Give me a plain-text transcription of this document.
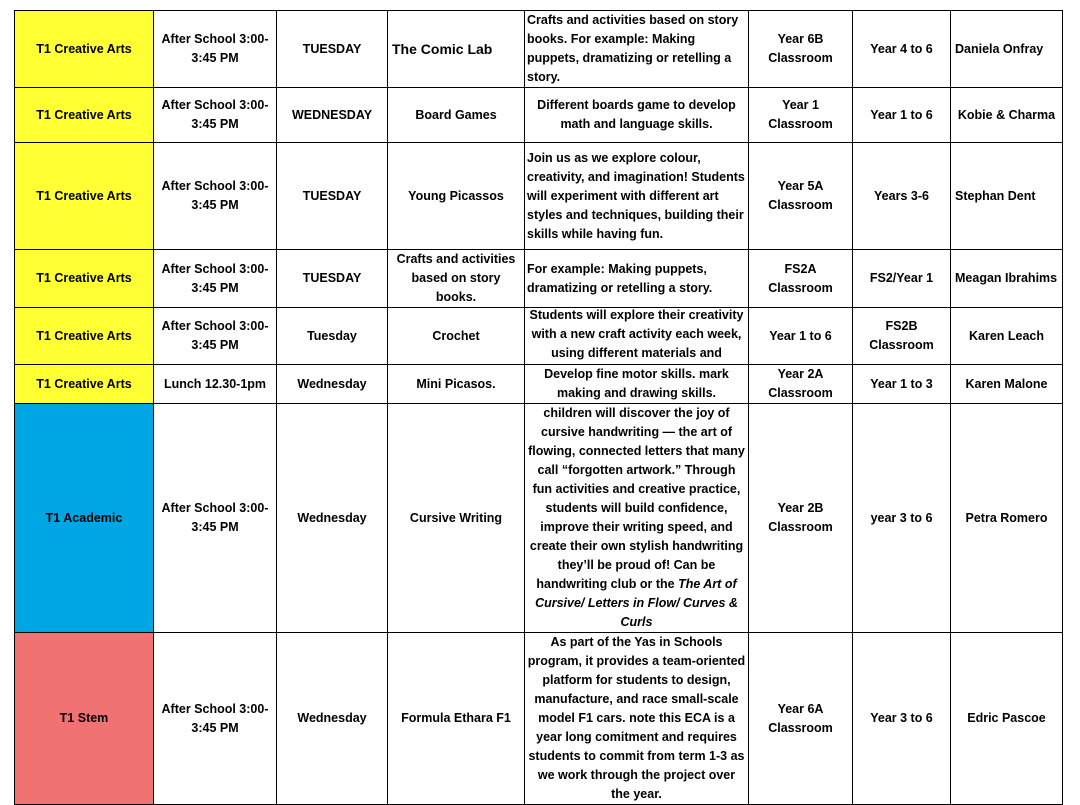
T1 Creative Arts	After School 3:00-3:45 PM	TUESDAY	The Comic Lab	Crafts and activities based on story books. For example: Making puppets, dramatizing or retelling a story.	Year 6B Classroom	Year 4 to 6	Daniela Onfray
T1 Creative Arts	After School 3:00-3:45 PM	WEDNESDAY	Board Games	Different boards game to develop math and language skills.	Year 1 Classroom	Year 1 to 6	Kobie & Charma
T1 Creative Arts	After School 3:00-3:45 PM	TUESDAY	Young Picassos	Join us as we explore colour, creativity, and imagination! Students will experiment with different art styles and techniques, building their skills while having fun.	Year 5A Classroom	Years 3-6	Stephan Dent
T1 Creative Arts	After School 3:00-3:45 PM	TUESDAY	Crafts and activities based on story books.	For example: Making puppets, dramatizing or retelling a story.	FS2A Classroom	FS2/Year 1	Meagan Ibrahims
T1 Creative Arts	After School 3:00-3:45 PM	Tuesday	Crochet	Students will explore their creativity with a new craft activity each week, using different materials and	Year 1 to 6	FS2B Classroom	Karen Leach
T1 Creative Arts	Lunch 12.30-1pm	Wednesday	Mini Picasos.	Develop fine motor skills. mark making and drawing skills.	Year 2A Classroom	Year 1 to 3	Karen Malone
T1 Academic	After School 3:00-3:45 PM	Wednesday	Cursive Writing	children will discover the joy of cursive handwriting — the art of flowing, connected letters that many call “forgotten artwork.” Through fun activities and creative practice, students will build confidence, improve their writing speed, and create their own stylish handwriting they’ll be proud of! Can be handwriting club or the The Art of Cursive/ Letters in Flow/ Curves & Curls	Year 2B Classroom	year 3 to 6	Petra Romero
T1 Stem	After School 3:00-3:45 PM	Wednesday	Formula Ethara F1	As part of the Yas in Schools program, it provides a team-oriented platform for students to design, manufacture, and race small-scale model F1 cars. note this ECA is a year long comitment and requires students to commit from term 1-3 as we work through the project over the year.	Year 6A Classroom	Year 3 to 6	Edric Pascoe
